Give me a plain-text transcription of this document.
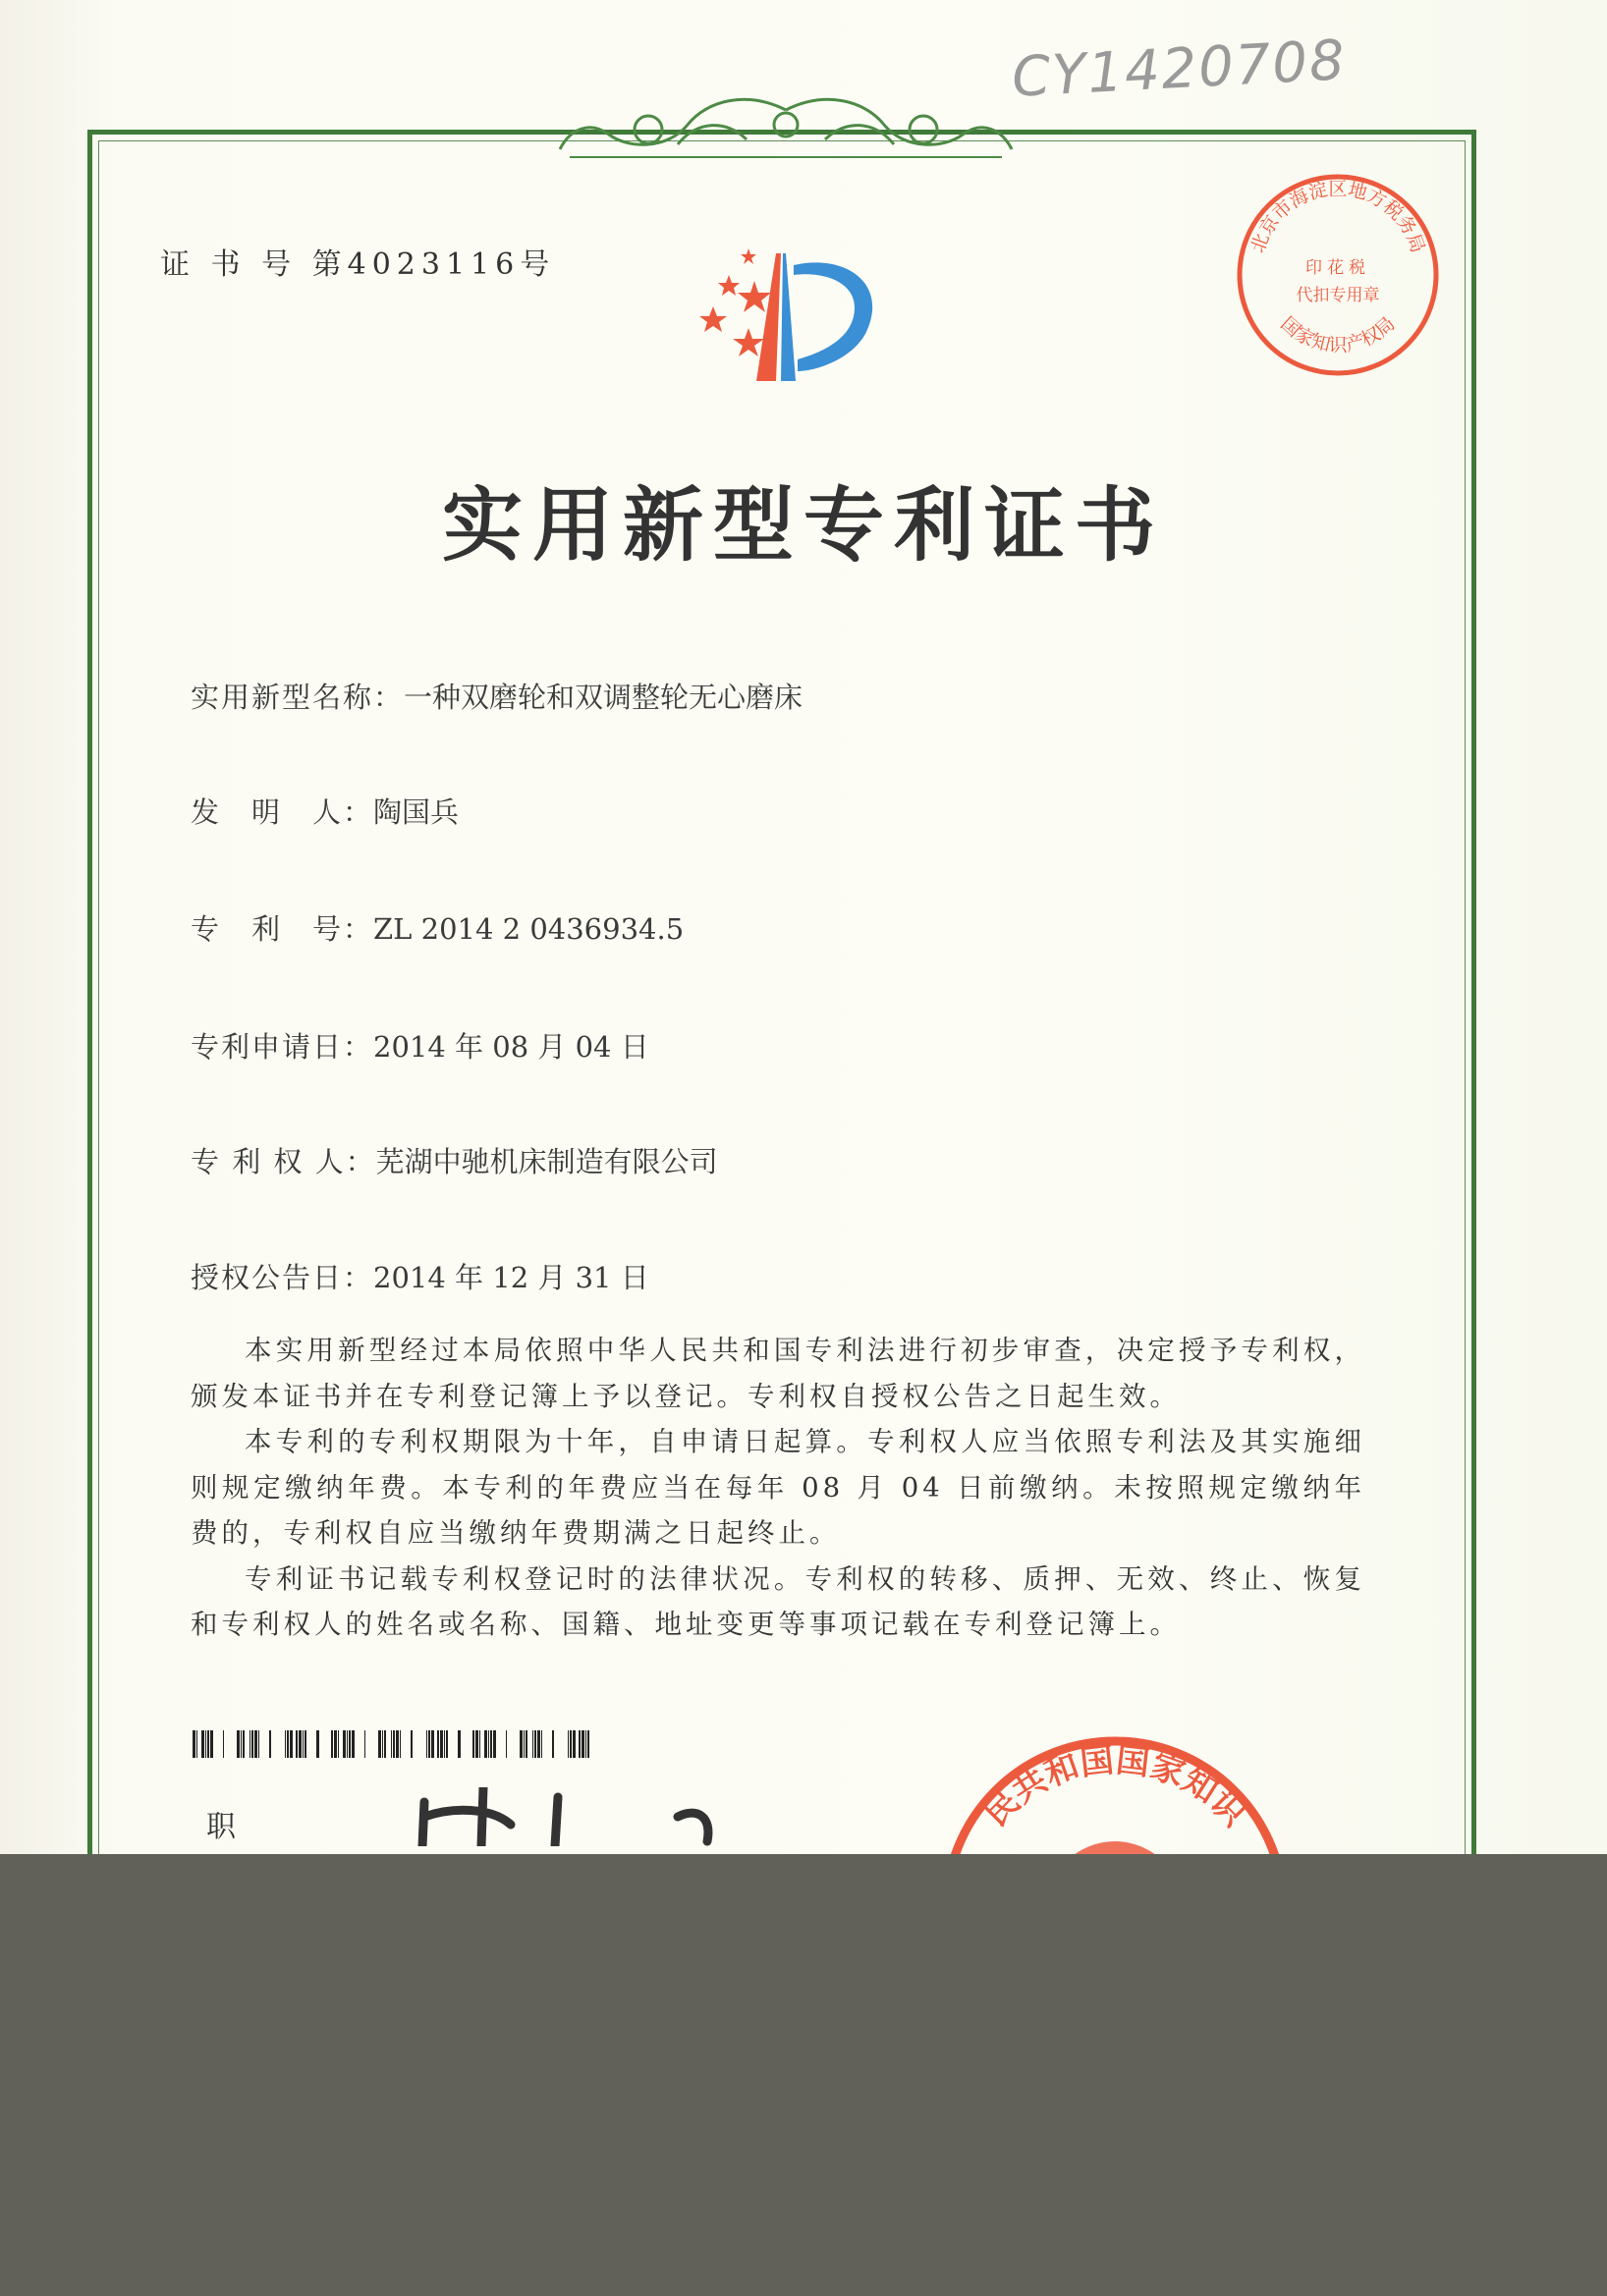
CY1420708
证 书 号 第4023116号
实用新型专利证书
实用新型名称：一种双磨轮和双调整轮无心磨床
发　明　人：陶国兵
专　利　号：ZL 2014 2 0436934.5
专利申请日：2014 年 08 月 04 日
专 利 权 人：芜湖中驰机床制造有限公司
授权公告日：2014 年 12 月 31 日

本实用新型经过本局依照中华人民共和国专利法进行初步审查，决定授予专利权，颁发本证书并在专利登记簿上予以登记。专利权自授权公告之日起生效。

本专利的专利权期限为十年，自申请日起算。专利权人应当依照专利法及其实施细则规定缴纳年费。本专利的年费应当在每年 08 月 04 日前缴纳。未按照规定缴纳年费的，专利权自应当缴纳年费期满之日起终止。

专利证书记载专利权登记时的法律状况。专利权的转移、质押、无效、终止、恢复和专利权人的姓名或名称、国籍、地址变更等事项记载在专利登记簿上。

北京市海淀区地方税务局
国家知识产权局
印花税
代扣专用章
民共和国国家知识
职
